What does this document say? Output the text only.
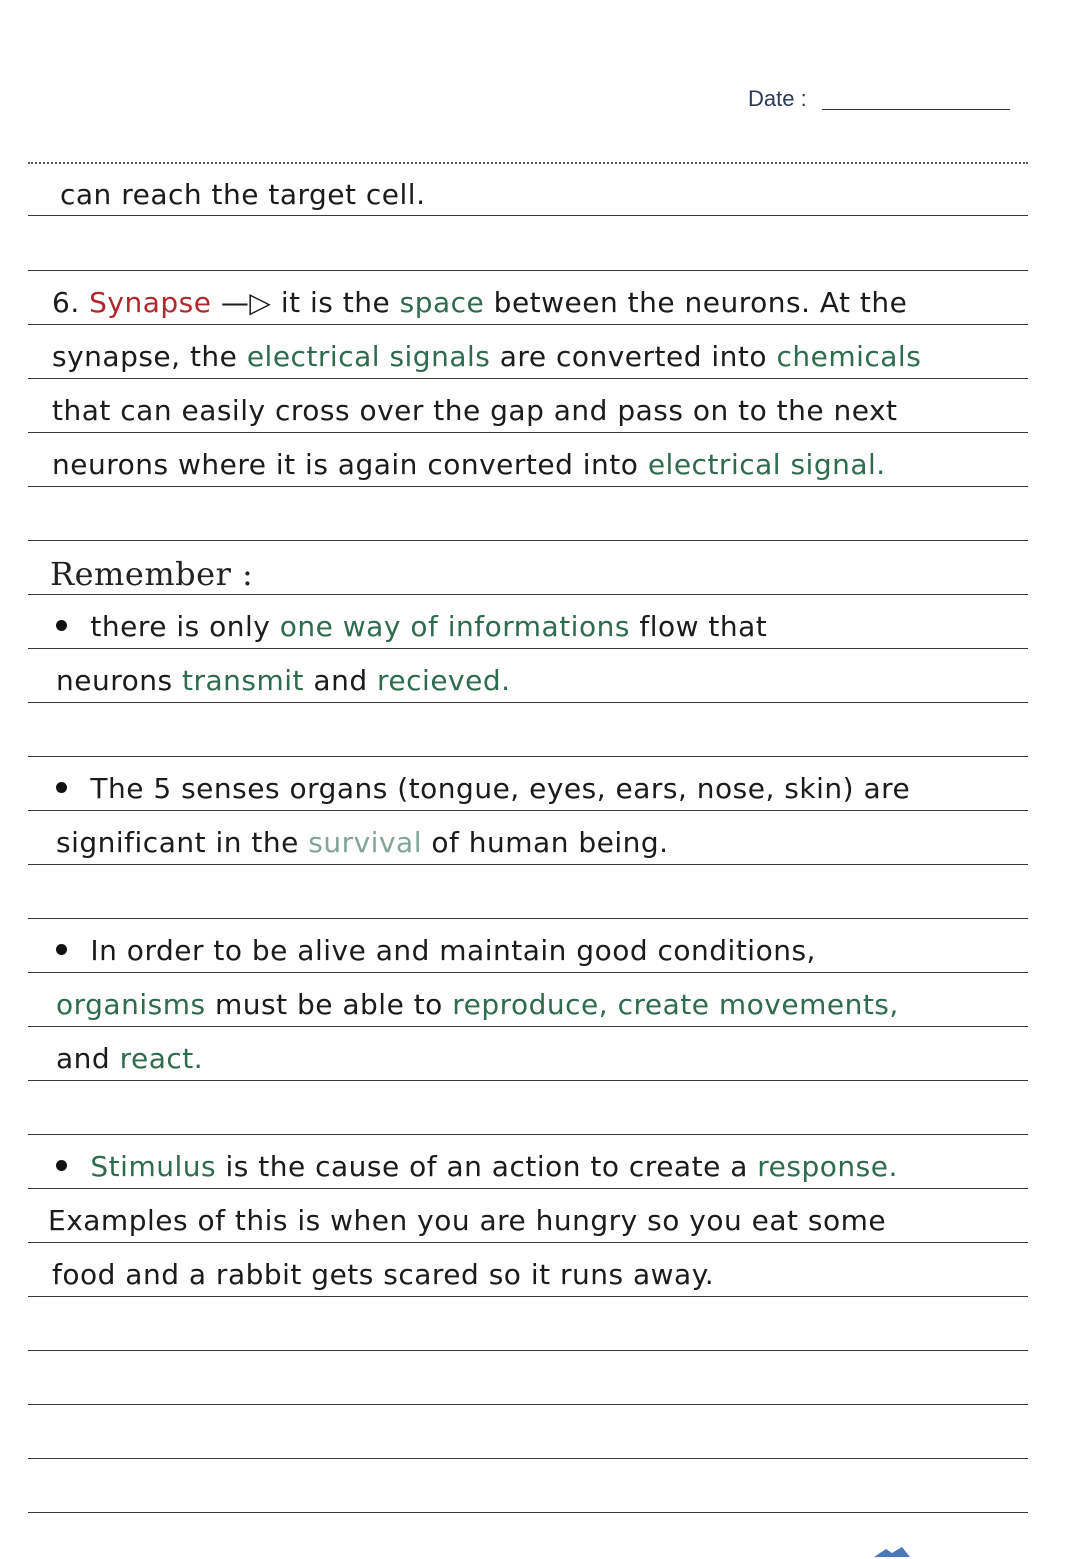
Date :
can reach the target cell.
6. Synapse —▷ it is the space between the neurons. At the
synapse, the electrical signals are converted into chemicals
that can easily cross over the gap and pass on to the next
neurons where it is again converted into electrical signal.
Remember :
there is only one way of informations flow that
neurons transmit and recieved.
The 5 senses organs (tongue, eyes, ears, nose, skin) are
significant in the survival of human being.
In order to be alive and maintain good conditions,
organisms must be able to reproduce, create movements,
and react.
Stimulus is the cause of an action to create a response.
Examples of this is when you are hungry so you eat some
food and a rabbit gets scared so it runs away.
